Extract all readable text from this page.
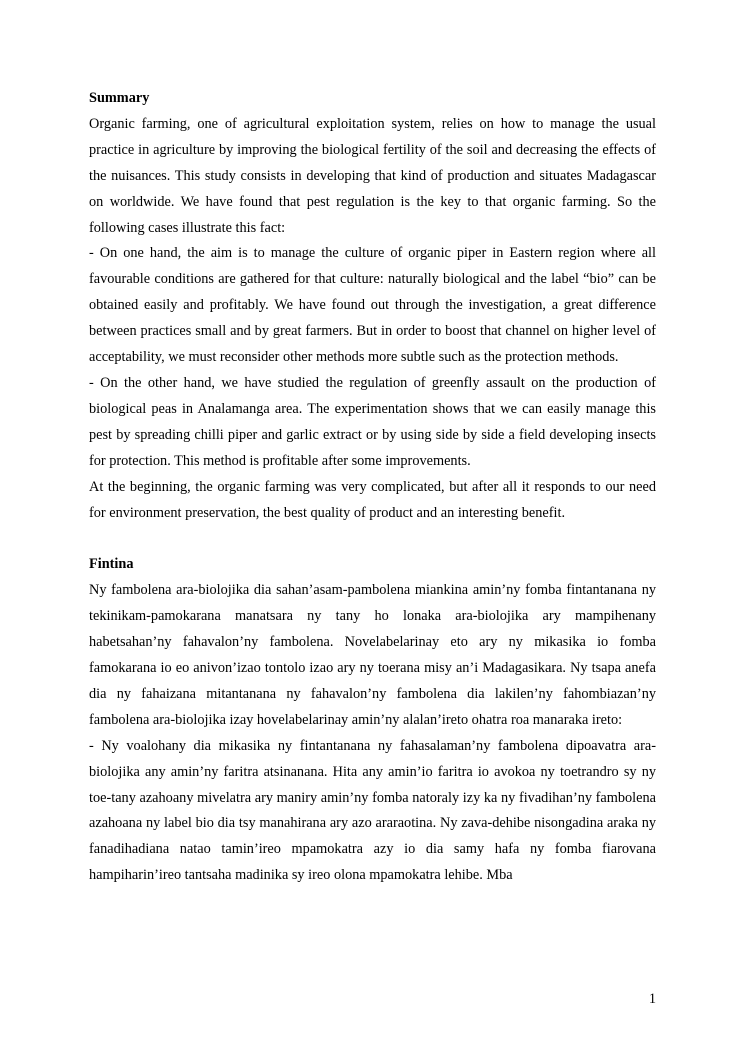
Summary

Organic farming, one of agricultural exploitation system, relies on how to manage the usual practice in agriculture by improving the biological fertility of the soil and decreasing the effects of the nuisances. This study consists in developing that kind of production and situates Madagascar on worldwide. We have found that pest regulation is the key to that organic farming. So the following cases illustrate this fact:

- On one hand, the aim is to manage the culture of organic piper in Eastern region where all favourable conditions are gathered for that culture: naturally biological and the label “bio” can be obtained easily and profitably. We have found out through the investigation, a great difference between practices small and by great farmers. But in order to boost that channel on higher level of acceptability, we must reconsider other methods more subtle such as the protection methods.

- On the other hand, we have studied the regulation of greenfly assault on the production of biological peas in Analamanga area. The experimentation shows that we can easily manage this pest by spreading chilli piper and garlic extract or by using side by side a field developing insects for protection. This method is profitable after some improvements.

At the beginning, the organic farming was very complicated, but after all it responds to our need for environment preservation, the best quality of product and an interesting benefit.

Fintina

Ny fambolena ara-biolojika dia sahan’asam-pambolena miankina amin’ny fomba fintantanana ny tekinikam-pamokarana manatsara ny tany ho lonaka ara-biolojika ary mampihenany habetsahan’ny fahavalon’ny fambolena. Novelabelarinay eto ary ny mikasika io fomba famokarana io eo anivon’izao tontolo izao ary ny toerana misy an’i Madagasikara. Ny tsapa anefa dia ny fahaizana mitantanana ny fahavalon’ny fambolena dia lakilen’ny fahombiazan’ny fambolena ara-biolojika izay hovelabelarinay amin’ny alalan’ireto ohatra roa manaraka ireto:

- Ny voalohany dia mikasika ny fintantanana ny fahasalaman’ny fambolena dipoavatra ara-biolojika any amin’ny faritra atsinanana. Hita any amin’io faritra io avokoa ny toetrandro sy ny toe-tany azahoany mivelatra ary maniry amin’ny fomba natoraly izy ka ny fivadihan’ny fambolena azahoana ny label bio dia tsy manahirana ary azo araraotina. Ny zava-dehibe nisongadina araka ny fanadihadiana natao tamin’ireo mpamokatra azy io dia samy hafa ny fomba fiarovana hampiharin’ireo tantsaha madinika sy ireo olona mpamokatra lehibe. Mba

1
